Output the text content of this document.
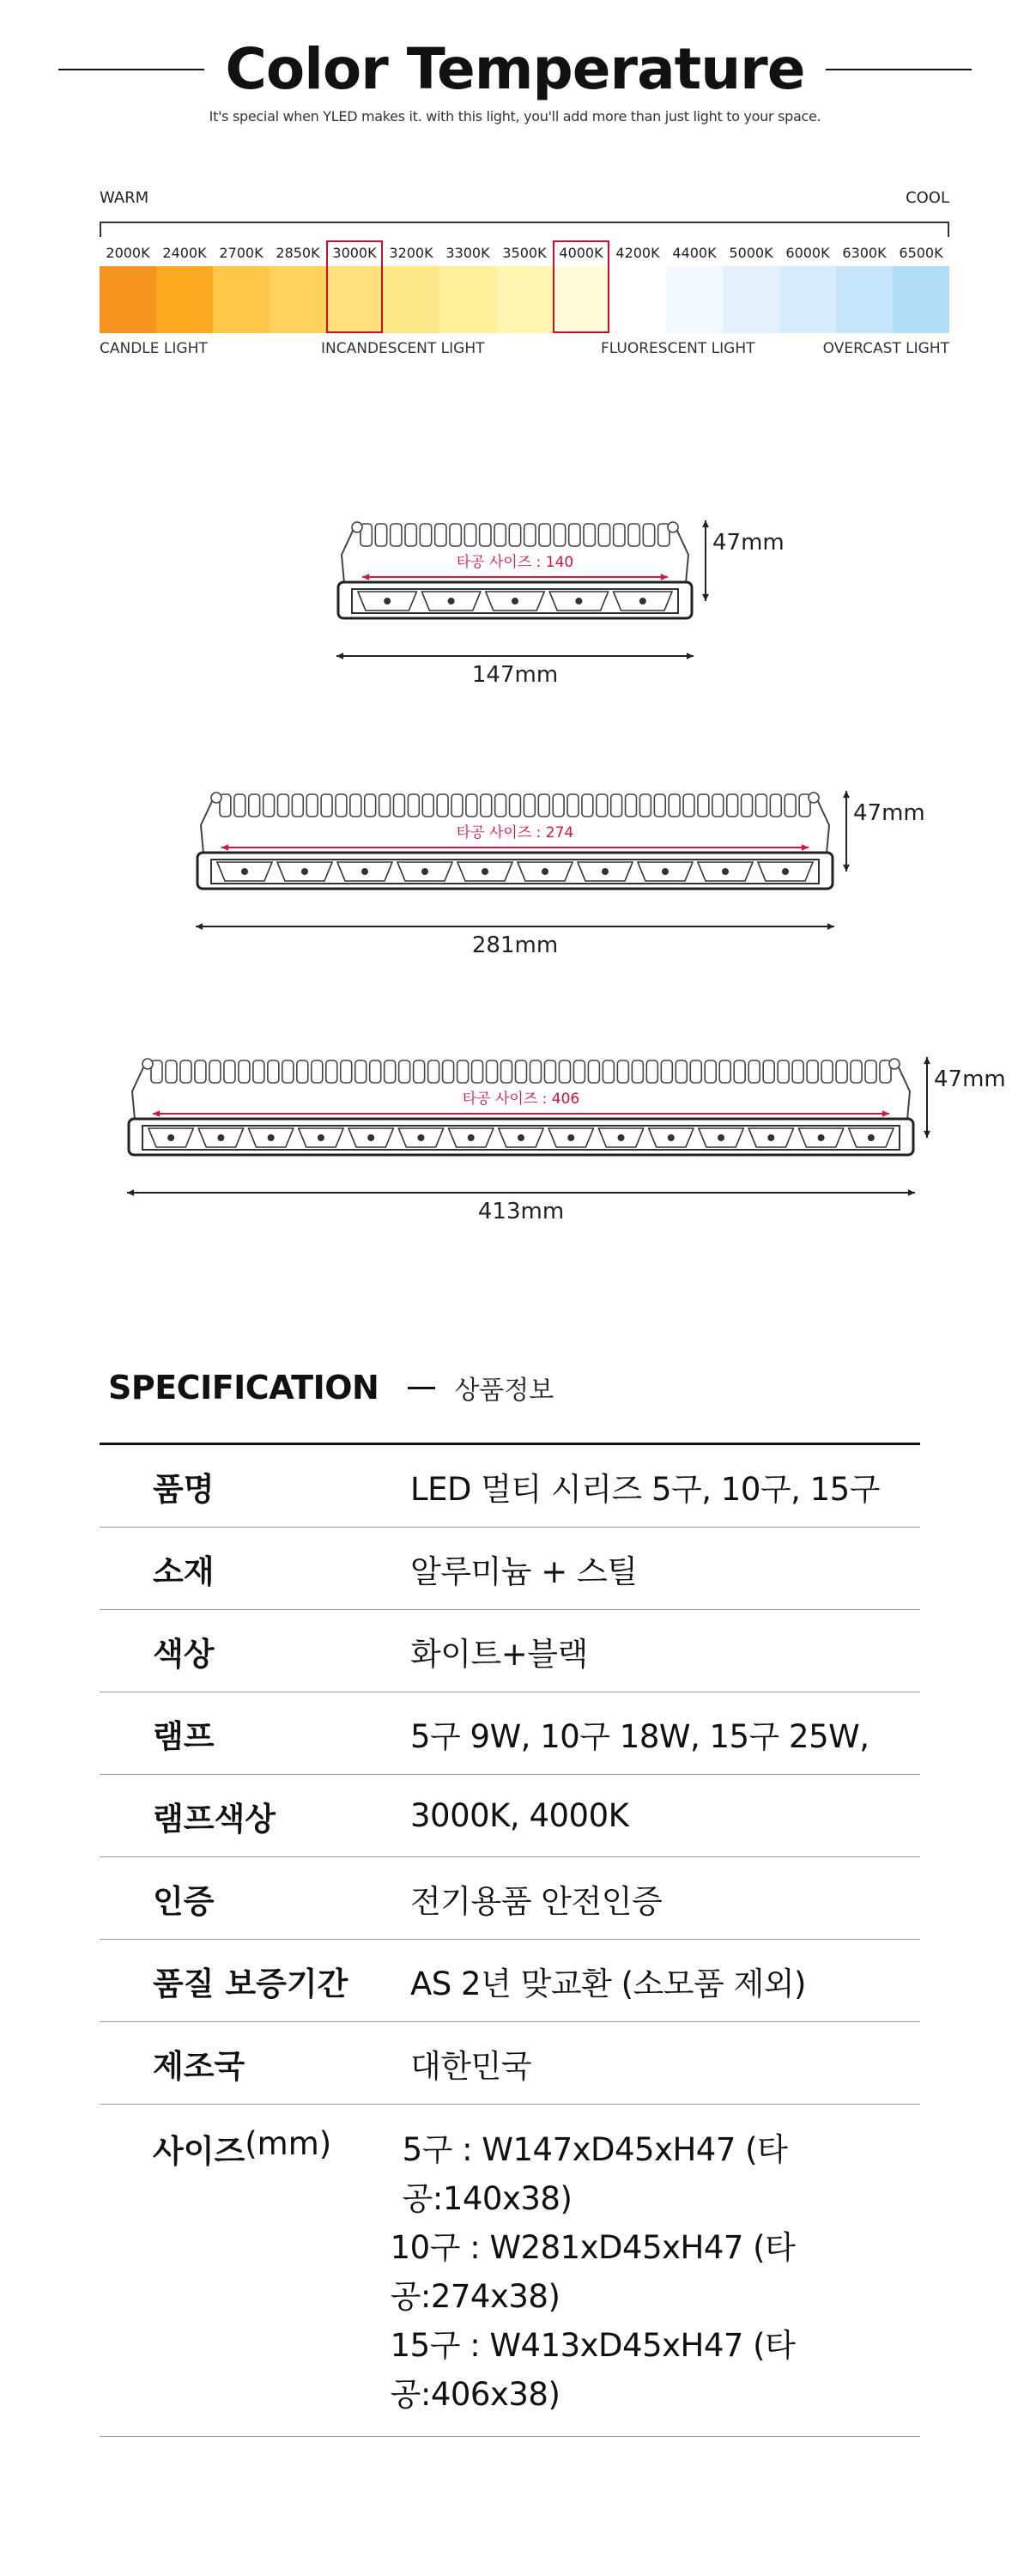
Color Temperature
It's special when YLED makes it. with this light, you'll add more than just light to your space.
WARM	COOL
2000K 2400K 2700K 2850K 3000K 3200K 3300K 3500K 4000K 4200K 4400K 5000K 6000K 6300K 6500K
CANDLE LIGHT	INCANDESCENT LIGHT	FLUORESCENT LIGHT	OVERCAST LIGHT
타공 사이즈 : 140
147mm
47mm
타공 사이즈 : 274
281mm
47mm
타공 사이즈 : 406
413mm
47mm
SPECIFICATION	상품정보
품명	LED 멀티 시리즈 5구, 10구, 15구
소재	알루미늄 + 스틸
색상	화이트+블랙
램프	5구 9W, 10구 18W, 15구 25W,
램프색상	3000K, 4000K
인증	전기용품 안전인증
품질 보증기간	AS 2년 맞교환 (소모품 제외)
제조국	대한민국
사이즈 (mm)	5구 : W147xD45xH47 (타공:140x38)
10구 : W281xD45xH47 (타공:274x38)
15구 : W413xD45xH47 (타공:406x38)
